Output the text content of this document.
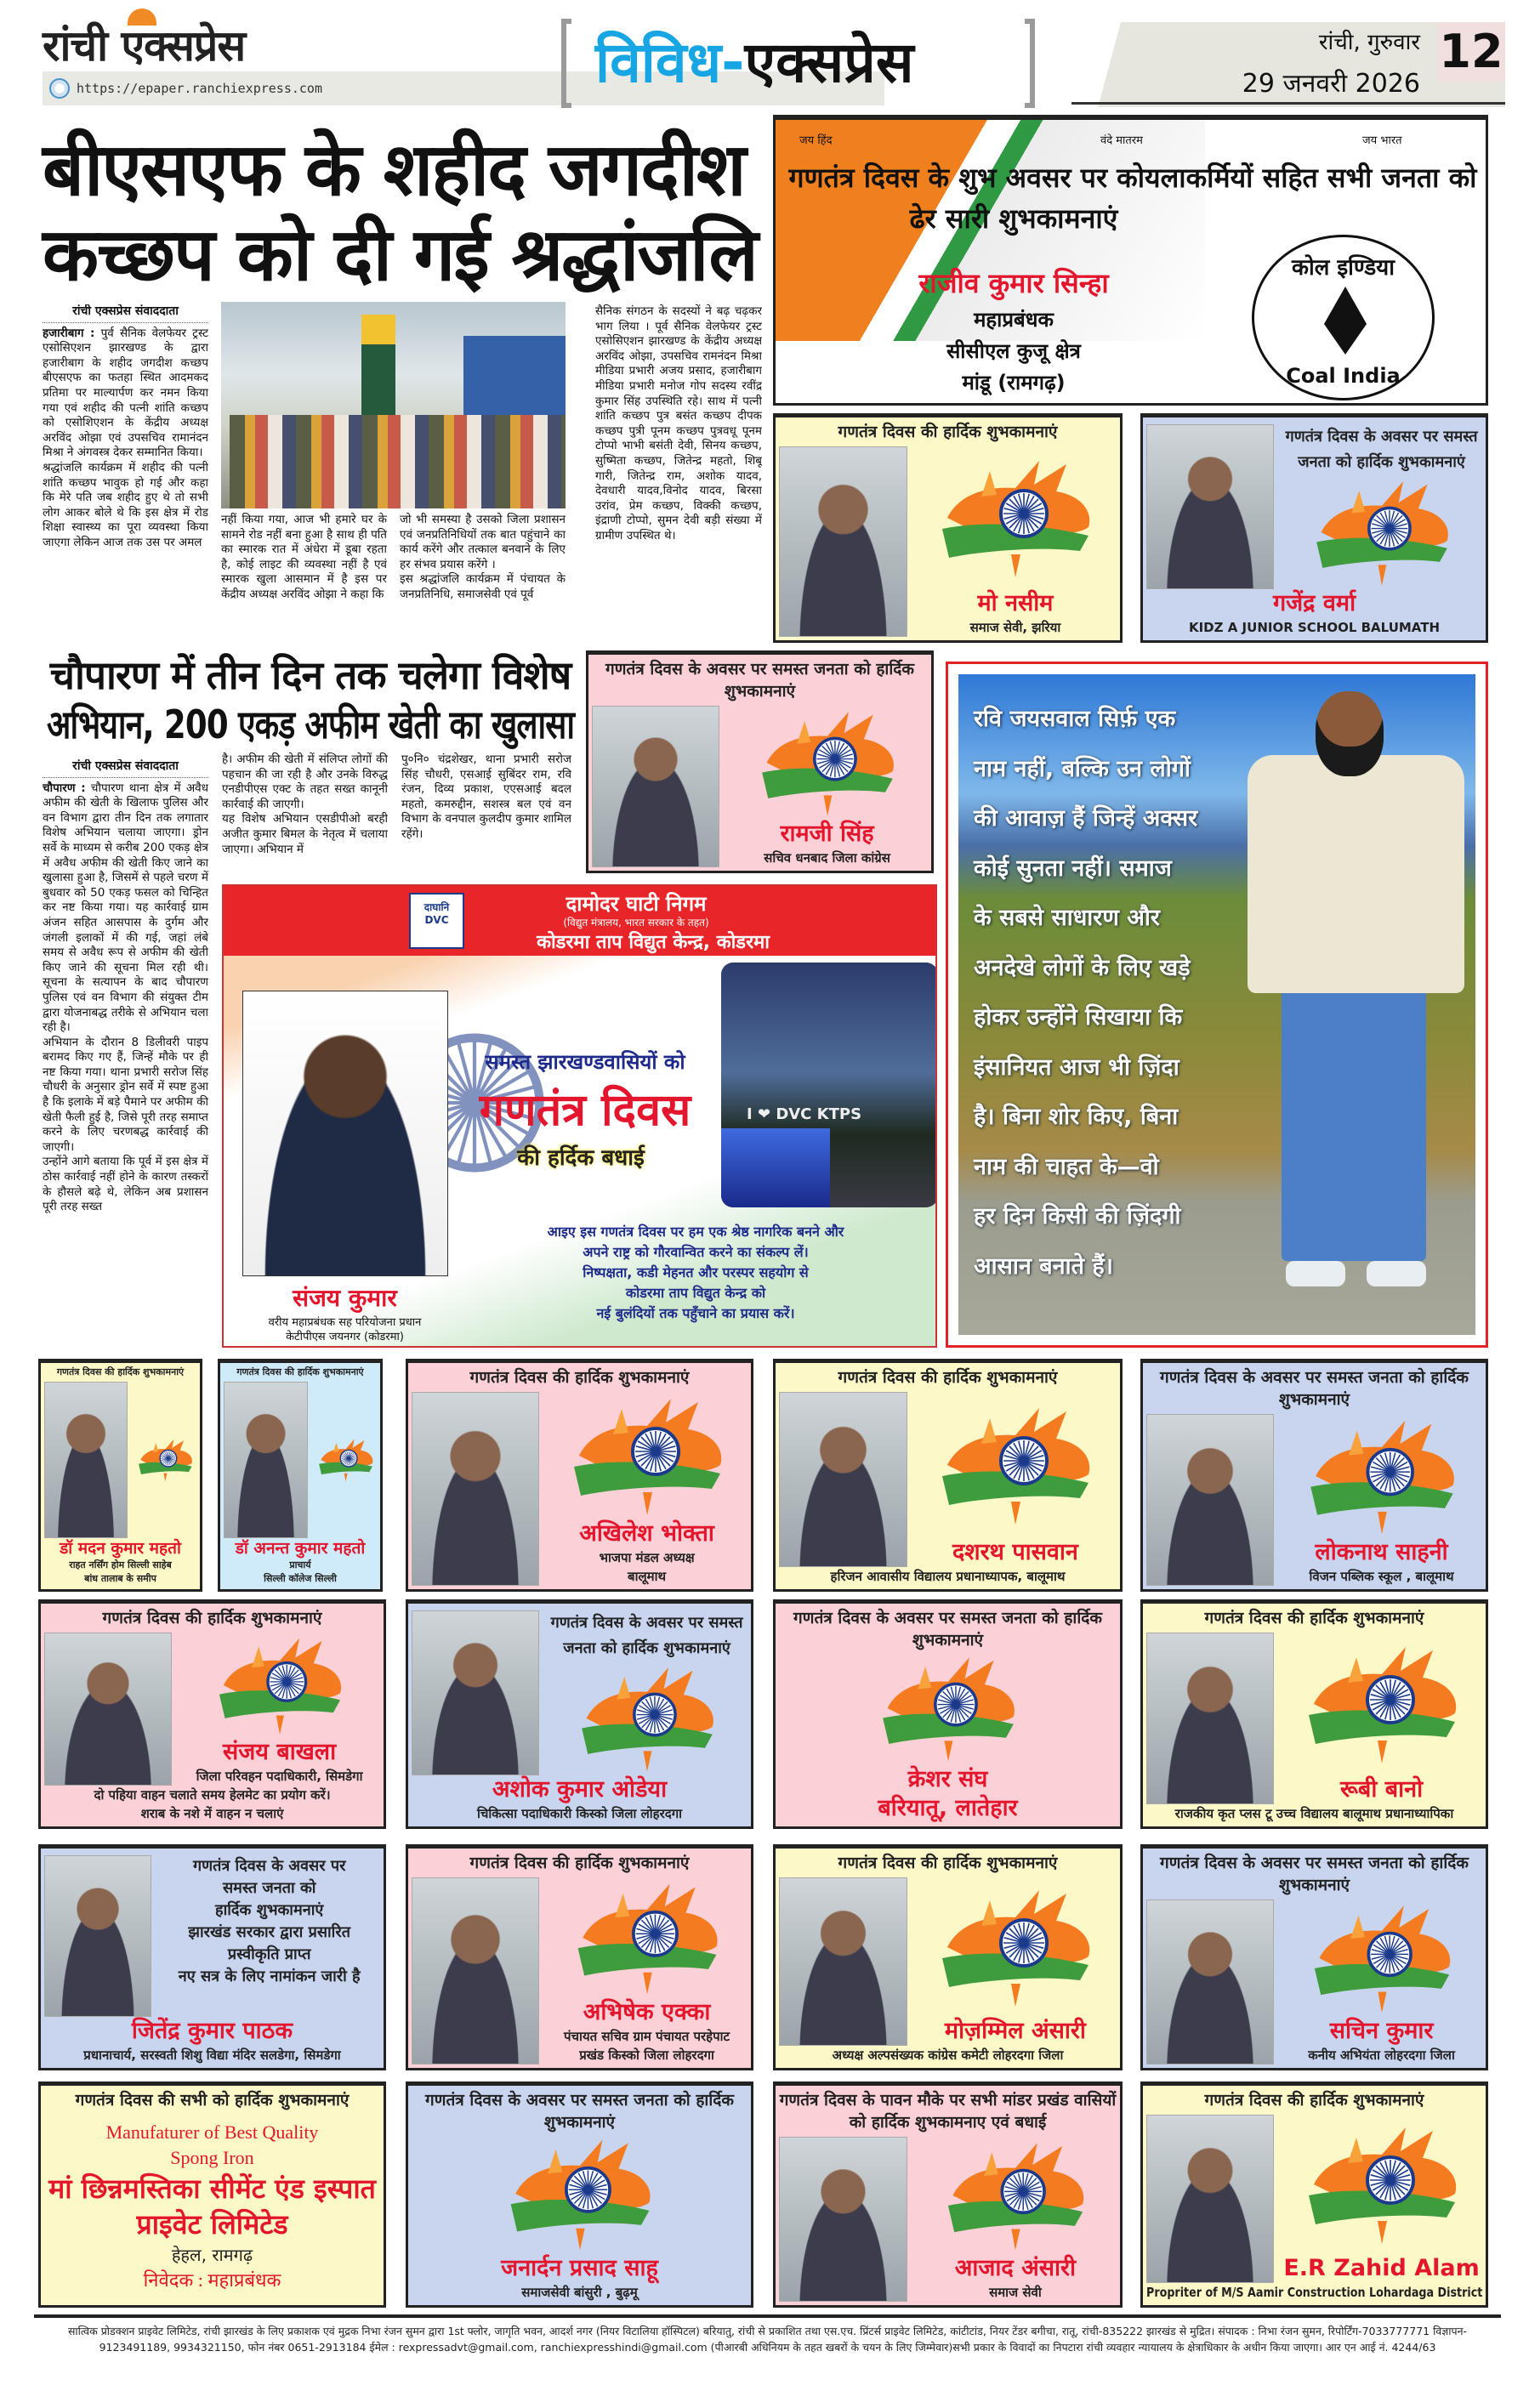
रांची एक्सप्रेस
https://epaper.ranchiexpress.com	विविध-एक्सप्रेस	रांची, गुरुवार
29 जनवरी 2026
12
बीएसएफ के शहीद जगदीश
कच्छप को दी गई श्रद्धांजलि
रांची एक्सप्रेस संवाददाता

हजारीबाग : पुर्व सैनिक वेलफेयर ट्रस्ट एसोसिएशन झारखण्ड के द्वारा हजारीबाग के शहीद जगदीश कच्छप बीएसएफ का फतहा स्थित आदमकद प्रतिमा पर माल्यार्पण कर नमन किया गया एवं शहीद की पत्नी शांति कच्छप को एसोशिएशन के केंद्रीय अध्यक्ष अरविंद ओझा एवं उपसचिव रामानंदन मिश्रा ने अंगवस्त्र देकर सम्मानित किया।

श्रद्धांजलि कार्यक्रम में शहीद की पत्नी शांति कच्छप भावुक हो गई और कहा कि मेरे पति जब शहीद हुए थे तो सभी लोग आकर बोले थे कि इस क्षेत्र में रोड शिक्षा स्वास्थ्य का पूरा व्यवस्था किया जाएगा लेकिन आज तक उस पर अमल

नहीं किया गया, आज भी हमारे घर के सामने रोड नहीं बना हुआ है साथ ही पति का स्मारक रात में अंधेरा में डूबा रहता है, कोई लाइट की व्यवस्था नहीं है एवं स्मारक खुला आसमान में है इस पर केंद्रीय अध्यक्ष अरविंद ओझा ने कहा कि

जो भी समस्या है उसको जिला प्रशासन एवं जनप्रतिनिधियों तक बात पहुंचाने का कार्य करेंगे और तत्काल बनवाने के लिए हर संभव प्रयास करेंगे ।

इस श्रद्धांजलि कार्यक्रम में पंचायत के जनप्रतिनिधि, समाजसेवी एवं पूर्व

सैनिक संगठन के सदस्यों ने बढ़ चढ़कर भाग लिया । पूर्व सैनिक वेलफेयर ट्रस्ट एसोसिएशन झारखण्ड के केंद्रीय अध्यक्ष अरविंद ओझा, उपसचिव रामनंदन मिश्रा मीडिया प्रभारी अजय प्रसाद, हजारीबाग मीडिया प्रभारी मनोज गोप सदस्य रवींद्र कुमार सिंह उपस्थिति रहे। साथ में पत्नी शांति कच्छप पुत्र बसंत कच्छप दीपक कच्छप पुत्री पूनम कच्छप पुत्रवधू पूनम टोप्पो भाभी बसंती देवी, सिनय कच्छप, सुष्मिता कच्छप, जितेन्द्र महतो, शिबू गारी, जितेन्द्र राम, अशोक यादव, देवधारी यादव,विनोद यादव, बिरसा उरांव, प्रेम कच्छप, विक्की कच्छप, इंद्राणी टोप्पो, सुमन देवी बड़ी संख्या में ग्रामीण उपस्थित थे।

जय हिंद	वंदे मातरम	जय भारत
गणतंत्र दिवस के शुभ अवसर पर कोयलाकर्मियों सहित सभी जनता को
ढेर सारी शुभकामनाएं
राजीव कुमार सिन्हा
महाप्रबंधक
सीसीएल कुजू क्षेत्र
मांडू (रामगढ़)
कोल इण्डिया
Coal India
चौपारण में तीन दिन तक चलेगा विशेष
अभियान, 200 एकड़ अफीम खेती का खुलासा
रांची एक्सप्रेस संवाददाता

चौपारण : चौपारण थाना क्षेत्र में अवैध अफीम की खेती के खिलाफ पुलिस और वन विभाग द्वारा तीन दिन तक लगातार विशेष अभियान चलाया जाएगा। ड्रोन सर्वे के माध्यम से करीब 200 एकड़ क्षेत्र में अवैध अफीम की खेती किए जाने का खुलासा हुआ है, जिसमें से पहले चरण में बुधवार को 50 एकड़ फसल को चिन्हित कर नष्ट किया गया। यह कार्रवाई ग्राम अंजन सहित आसपास के दुर्गम और जंगली इलाकों में की गई, जहां लंबे समय से अवैध रूप से अफीम की खेती किए जाने की सूचना मिल रही थी। सूचना के सत्यापन के बाद चौपारण पुलिस एवं वन विभाग की संयुक्त टीम द्वारा योजनाबद्ध तरीके से अभियान चला रही है।

अभियान के दौरान 8 डिलीवरी पाइप बरामद किए गए हैं, जिन्हें मौके पर ही नष्ट किया गया। थाना प्रभारी सरोज सिंह चौधरी के अनुसार ड्रोन सर्वे में स्पष्ट हुआ है कि इलाके में बड़े पैमाने पर अफीम की खेती फैली हुई है, जिसे पूरी तरह समाप्त करने के लिए चरणबद्ध कार्रवाई की जाएगी।

उन्होंने आगे बताया कि पूर्व में इस क्षेत्र में ठोस कार्रवाई नहीं होने के कारण तस्करों के हौसले बढ़े थे, लेकिन अब प्रशासन पूरी तरह सख्त

है। अफीम की खेती में संलिप्त लोगों की पहचान की जा रही है और उनके विरुद्ध एनडीपीएस एक्ट के तहत सख्त कानूनी कार्रवाई की जाएगी।

यह विशेष अभियान एसडीपीओ बरही अजीत कुमार बिमल के नेतृत्व में चलाया जाएगा। अभियान में

पु०नि० चंद्रशेखर, थाना प्रभारी सरोज सिंह चौधरी, एसआई सुबिंदर राम, रवि रंजन, दिव्य प्रकाश, एएसआई बदल महतो, कमरुद्दीन, सशस्त्र बल एवं वन विभाग के वनपाल कुलदीप कुमार शामिल रहेंगे।

दाघानि DVC
दामोदर घाटी निगम
(विद्युत मंत्रालय, भारत सरकार के तहत)
कोडरमा ताप विद्युत केन्द्र, कोडरमा
संजय कुमार
वरीय महाप्रबंधक सह परियोजना प्रधान
केटीपीएस जयनगर (कोडरमा)
समस्त झारखण्डवासियों को
गणतंत्र दिवस
की हर्दिक बधाई
I ❤ DVC KTPS
आइए इस गणतंत्र दिवस पर हम एक श्रेष्ठ नागरिक बनने और
अपने राष्ट्र को गौरवान्वित करने का संकल्प लें।
निष्पक्षता, कडी मेहनत और परस्पर सहयोग से
कोडरमा ताप विद्युत केन्द्र को
नई बुलंदियों तक पहुँचाने का प्रयास करें।
रवि जयसवाल सिर्फ़ एक
नाम नहीं, बल्कि उन लोगों
की आवाज़ हैं जिन्हें अक्सर
कोई सुनता नहीं। समाज
के सबसे साधारण और
अनदेखे लोगों के लिए खड़े
होकर उन्होंने सिखाया कि
इंसानियत आज भी ज़िंदा
है। बिना शोर किए, बिना
नाम की चाहत के—वो
हर दिन किसी की ज़िंदगी
आसान बनाते हैं।
गणतंत्र दिवस की हार्दिक शुभकामनाएं
मो नसीम
समाज सेवी, झरिया
गणतंत्र दिवस के अवसर पर समस्त जनता को हार्दिक शुभकामनाएं
गजेंद्र वर्मा
KIDZ A JUNIOR SCHOOL BALUMATH
गणतंत्र दिवस के अवसर पर समस्त जनता को हार्दिक शुभकामनाएं
रामजी सिंह
सचिव धनबाद जिला कांग्रेस
गणतंत्र दिवस की हार्दिक शुभकामनाएं
डॉ मदन कुमार महतो
राहत नर्सिंग होम सिल्ली साहेब
बांध तालाब के समीप
गणतंत्र दिवस की हार्दिक शुभकामनाएं
डॉ अनन्त कुमार महतो
प्राचार्य
सिल्ली कॉलेज सिल्ली
गणतंत्र दिवस की हार्दिक शुभकामनाएं
अखिलेश भोक्ता
भाजपा मंडल अध्यक्ष
बालूमाथ
गणतंत्र दिवस की हार्दिक शुभकामनाएं
दशरथ पासवान
हरिजन आवासीय विद्यालय प्रधानाध्यापक, बालूमाथ
गणतंत्र दिवस के अवसर पर समस्त जनता को हार्दिक शुभकामनाएं
लोकनाथ साहनी
विजन पब्लिक स्कूल , बालूमाथ
गणतंत्र दिवस की हार्दिक शुभकामनाएं
संजय बाखला
जिला परिवहन पदाधिकारी, सिमडेगा
दो पहिया वाहन चलाते समय हेलमेट का प्रयोग करें।
शराब के नशे में वाहन न चलाएं
गणतंत्र दिवस के अवसर पर समस्त जनता को हार्दिक शुभकामनाएं
अशोक कुमार ओडेया
चिकित्सा पदाधिकारी किस्को जिला लोहरदगा
गणतंत्र दिवस के अवसर पर समस्त जनता को हार्दिक शुभकामनाएं
क्रेशर संघ
बरियातू, लातेहार
गणतंत्र दिवस की हार्दिक शुभकामनाएं
रूबी बानो
राजकीय कृत प्लस टू उच्च विद्यालय बालूमाथ प्रधानाध्यापिका
गणतंत्र दिवस के अवसर पर
समस्त जनता को
हार्दिक शुभकामनाएं
झारखंड सरकार द्वारा प्रसारित
प्रस्वीकृति प्राप्त
नए सत्र के लिए नामांकन जारी है
जितेंद्र कुमार पाठक
प्रधानाचार्य, सरस्वती शिशु विद्या मंदिर सलडेगा, सिमडेगा
गणतंत्र दिवस की हार्दिक शुभकामनाएं
अभिषेक एक्का
पंचायत सचिव ग्राम पंचायत परहेपाट
प्रखंड किस्को जिला लोहरदगा
गणतंत्र दिवस की हार्दिक शुभकामनाएं
मोज़म्मिल अंसारी
अध्यक्ष अल्पसंख्यक कांग्रेस कमेटी लोहरदगा जिला
गणतंत्र दिवस के अवसर पर समस्त जनता को हार्दिक शुभकामनाएं
सचिन कुमार
कनीय अभियंता लोहरदगा जिला
गणतंत्र दिवस की सभी को हार्दिक शुभकामनाएं
Manufaturer of Best Quality
Spong Iron
मां छिन्नमस्तिका सीमेंट एंड इस्पात
प्राइवेट लिमिटेड
हेहल, रामगढ़
निवेदक : महाप्रबंधक
गणतंत्र दिवस के अवसर पर समस्त जनता को हार्दिक शुभकामनाएं
जनार्दन प्रसाद साहू
समाजसेवी बांसुरी , बुढ़मू
गणतंत्र दिवस के पावन मौके पर सभी मांडर प्रखंड वासियों को हार्दिक शुभकामनाए एवं बधाई
आजाद अंसारी
समाज सेवी
गणतंत्र दिवस की हार्दिक शुभकामनाएं
E.R Zahid Alam
Propriter of M/S Aamir Construction Lohardaga District
सात्विक प्रोडक्शन प्राइवेट लिमिटेड, रांची झारखंड के लिए प्रकाशक एवं मुद्रक निभा रंजन सुमन द्वारा 1st फ्लोर, जागृति भवन, आदर्श नगर (नियर विटालिया हॉस्पिटल) बरियातु, रांची से प्रकाशित तथा एस.एच. प्रिंटर्स प्राइवेट लिमिटेड, कांटीटांड, नियर टेंडर बगीचा, रातू, रांची-835222 झारखंड से मुद्रित। संपादक : निभा रंजन सुमन, रिपोर्टिंग-7033777771 विज्ञापन-
9123491189, 9934321150, फोन नंबर 0651-2913184 ईमेल : rexpressadvt@gmail.com, ranchiexpresshindi@gmail.com (पीआरबी अधिनियम के तहत खबरों के चयन के लिए जिम्मेवार)सभी प्रकार के विवादों का निपटारा रांची व्यवहार न्यायालय के क्षेत्राधिकार के अधीन किया जाएगा। आर एन आई नं. 4244/63
